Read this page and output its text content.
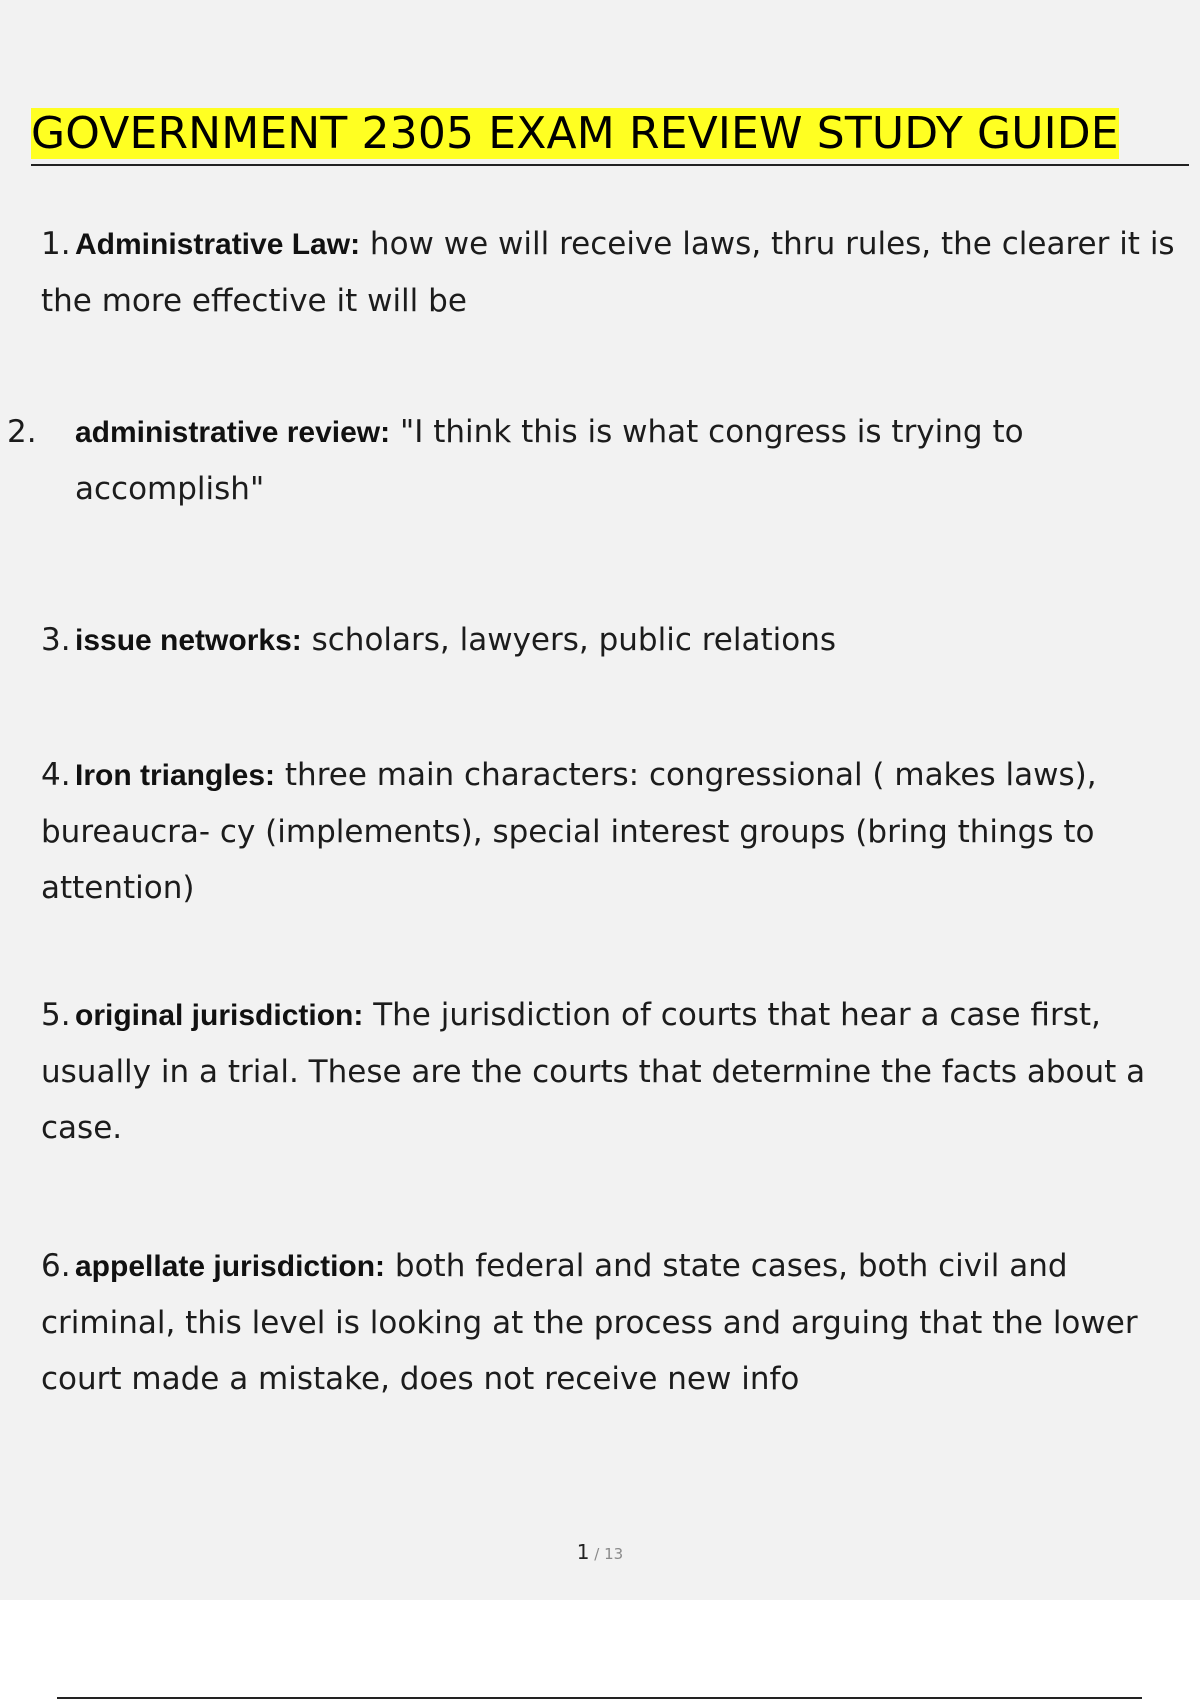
GOVERNMENT 2305 EXAM REVIEW STUDY GUIDE
1. Administrative Law: how we will receive laws, thru rules, the clearer it is the more effective it will be
2. administrative review: "I think this is what congress is trying to accomplish"
3. issue networks: scholars, lawyers, public relations
4. Iron triangles: three main characters: congressional ( makes laws), bureaucra- cy (implements), special interest groups (bring things to attention)
5. original jurisdiction: The jurisdiction of courts that hear a case first, usually in a trial. These are the courts that determine the facts about a case.
6. appellate jurisdiction: both federal and state cases, both civil and criminal, this level is looking at the process and arguing that the lower court made a mistake, does not receive new info
1 / 13
